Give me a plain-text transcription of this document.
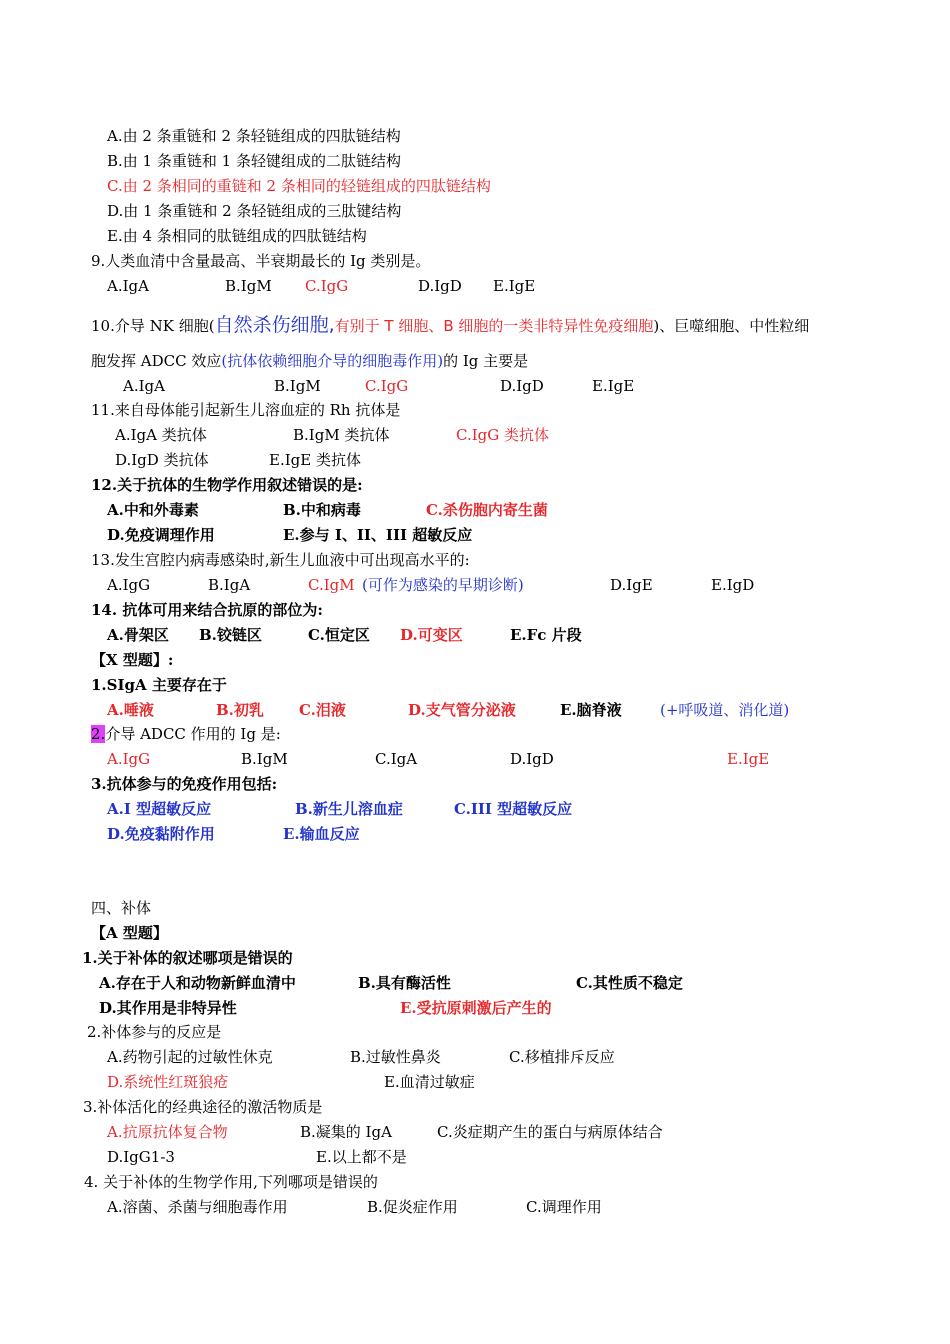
A.由 2 条重链和 2 条轻链组成的四肽链结构
B.由 1 条重链和 1 条轻键组成的二肽链结构
C.由 2 条相同的重链和 2 条相同的轻链组成的四肽链结构
D.由 1 条重链和 2 条轻链组成的三肽键结构
E.由 4 条相同的肽链组成的四肽链结构
9.人类血清中含量最高、半衰期最长的 Ig 类别是。
A.IgA	B.IgM C.IgG	D.IgD E.IgE
10.介导 NK 细胞(自然杀伤细胞,有别于 T 细胞、B 细胞的一类非特异性免疫细胞)、巨噬细胞、中性粒细
胞发挥 ADCC 效应(抗体依赖细胞介导的细胞毒作用)的 Ig 主要是
A.IgA	B.IgM	C.IgG	D.IgD	E.IgE
11.来自母体能引起新生儿溶血症的 Rh 抗体是
A.IgA 类抗体	B.IgM 类抗体	C.IgG 类抗体
D.IgD 类抗体	E.IgE 类抗体
12.关于抗体的生物学作用叙述错误的是:
A.中和外毒素	B.中和病毒	C.杀伤胞内寄生菌
D.免疫调理作用	E.参与 I、II、III 超敏反应
13.发生宫腔内病毒感染时,新生儿血液中可出现高水平的:
A.IgG	B.IgA	C.IgM (可作为感染的早期诊断)	D.IgE	E.IgD
14. 抗体可用来结合抗原的部位为:
A.骨架区 B.铰链区	C.恒定区 D.可变区	E.Fc 片段
【X 型题】:
1.SIgA 主要存在于
A.唾液	B.初乳 C.泪液	D.支气管分泌液	E.脑脊液	(+呼吸道、消化道)
2.介导 ADCC 作用的 Ig 是:
A.IgG	B.IgM	C.IgA	D.IgD	E.IgE
3.抗体参与的免疫作用包括:
A.I 型超敏反应	B.新生儿溶血症	C.III 型超敏反应
D.免疫黏附作用	E.输血反应
四、补体
【A 型题】
1.关于补体的叙述哪项是错误的
A.存在于人和动物新鲜血清中	B.具有酶活性	C.其性质不稳定
D.其作用是非特异性	E.受抗原刺激后产生的
2.补体参与的反应是
A.药物引起的过敏性休克	B.过敏性鼻炎	C.移植排斥反应
D.系统性红斑狼疮	E.血清过敏症
3.补体活化的经典途径的激活物质是
A.抗原抗体复合物	B.凝集的 IgA	C.炎症期产生的蛋白与病原体结合
D.IgG1-3	E.以上都不是
4. 关于补体的生物学作用,下列哪项是错误的
A.溶菌、杀菌与细胞毒作用	B.促炎症作用	C.调理作用
